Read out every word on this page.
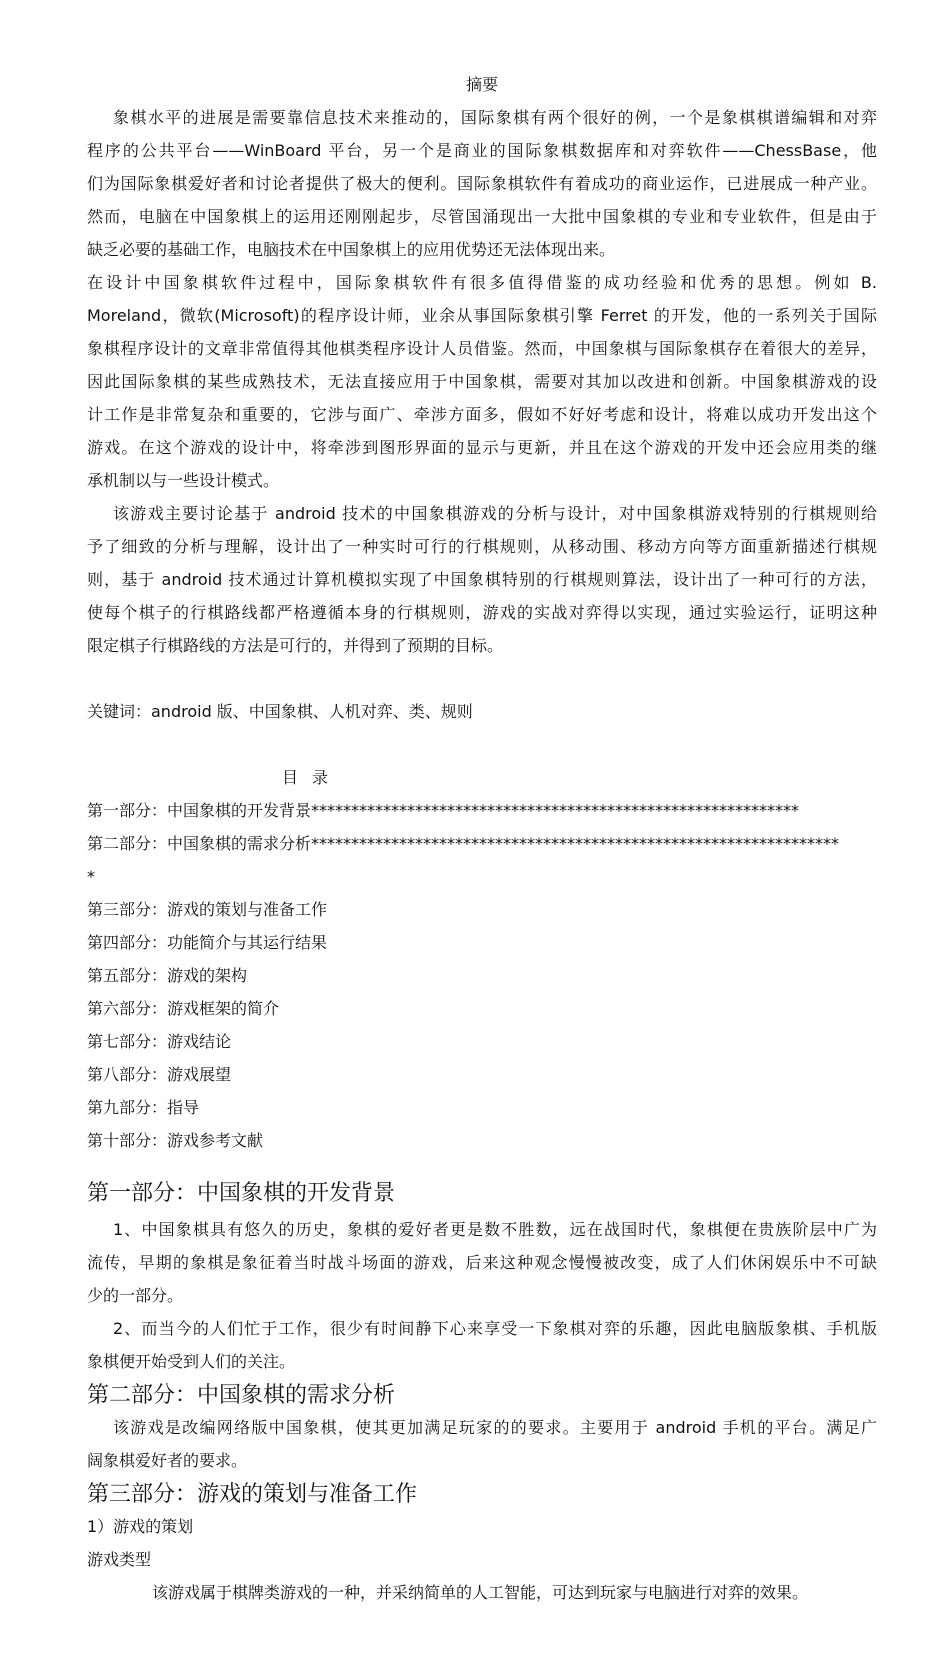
摘要
象棋水平的进展是需要靠信息技术来推动的，国际象棋有两个很好的例，一个是象棋棋谱编辑和对弈
程序的公共平台——WinBoard 平台，另一个是商业的国际象棋数据库和对弈软件——ChessBase，他
们为国际象棋爱好者和讨论者提供了极大的便利。国际象棋软件有着成功的商业运作，已进展成一种产业。
然而，电脑在中国象棋上的运用还刚刚起步，尽管国涌现出一大批中国象棋的专业和专业软件，但是由于
缺乏必要的基础工作，电脑技术在中国象棋上的应用优势还无法体现出来。
在设计中国象棋软件过程中，国际象棋软件有很多值得借鉴的成功经验和优秀的思想。例如 B.
Moreland，微软(Microsoft)的程序设计师，业余从事国际象棋引擎 Ferret 的开发，他的一系列关于国际
象棋程序设计的文章非常值得其他棋类程序设计人员借鉴。然而，中国象棋与国际象棋存在着很大的差异，
因此国际象棋的某些成熟技术，无法直接应用于中国象棋，需要对其加以改进和创新。中国象棋游戏的设
计工作是非常复杂和重要的，它涉与面广、牵涉方面多，假如不好好考虑和设计，将难以成功开发出这个
游戏。在这个游戏的设计中，将牵涉到图形界面的显示与更新，并且在这个游戏的开发中还会应用类的继
承机制以与一些设计模式。
该游戏主要讨论基于 android 技术的中国象棋游戏的分析与设计，对中国象棋游戏特别的行棋规则给
予了细致的分析与理解，设计出了一种实时可行的行棋规则，从移动围、移动方向等方面重新描述行棋规
则，基于 android 技术通过计算机模拟实现了中国象棋特别的行棋规则算法，设计出了一种可行的方法，
使每个棋子的行棋路线都严格遵循本身的行棋规则，游戏的实战对弈得以实现，通过实验运行，证明这种
限定棋子行棋路线的方法是可行的，并得到了预期的目标。
关键词：android 版、中国象棋、人机对弈、类、规则
目录
第一部分：中国象棋的开发背景*************************************************************
第二部分：中国象棋的需求分析******************************************************************
*
第三部分：游戏的策划与准备工作
第四部分：功能简介与其运行结果
第五部分：游戏的架构
第六部分：游戏框架的简介
第七部分：游戏结论
第八部分：游戏展望
第九部分：指导
第十部分：游戏参考文献
第一部分：中国象棋的开发背景
1、中国象棋具有悠久的历史，象棋的爱好者更是数不胜数，远在战国时代，象棋便在贵族阶层中广为
流传，早期的象棋是象征着当时战斗场面的游戏，后来这种观念慢慢被改变，成了人们休闲娱乐中不可缺
少的一部分。
2、而当今的人们忙于工作，很少有时间静下心来享受一下象棋对弈的乐趣，因此电脑版象棋、手机版
象棋便开始受到人们的关注。
第二部分：中国象棋的需求分析
该游戏是改编网络版中国象棋，使其更加满足玩家的的要求。主要用于 android 手机的平台。满足广
阔象棋爱好者的要求。
第三部分：游戏的策划与准备工作
1）游戏的策划
游戏类型
该游戏属于棋牌类游戏的一种，并采纳简单的人工智能，可达到玩家与电脑进行对弈的效果。
